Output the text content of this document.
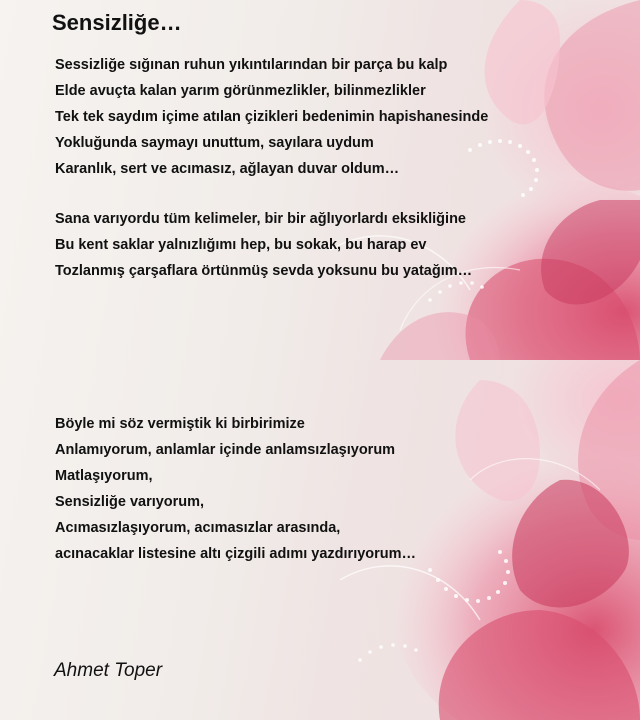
Sensizliğe…
Sessizliğe sığınan ruhun yıkıntılarından bir parça bu kalp
Elde avuçta kalan yarım görünmezlikler, bilinmezlikler
Tek tek saydım içime atılan çizikleri bedenimin hapishanesinde
Yokluğunda saymayı unuttum, sayılara uydum
Karanlık, sert ve acımasız, ağlayan duvar oldum…
Sana varıyordu tüm kelimeler, bir bir ağlıyorlardı eksikliğine
Bu kent saklar yalnızlığımı hep, bu sokak, bu harap ev
Tozlanmış çarşaflara örtünmüş sevda yoksunu bu yatağım…
Böyle mi söz vermiştik ki birbirimize
Anlamıyorum, anlamlar içinde anlamsızlaşıyorum
Matlaşıyorum,
Sensizliğe varıyorum,
Acımasızlaşıyorum, acımasızlar arasında,
acınacaklar listesine altı çizgili adımı yazdırıyorum…

Ahmet Toper
